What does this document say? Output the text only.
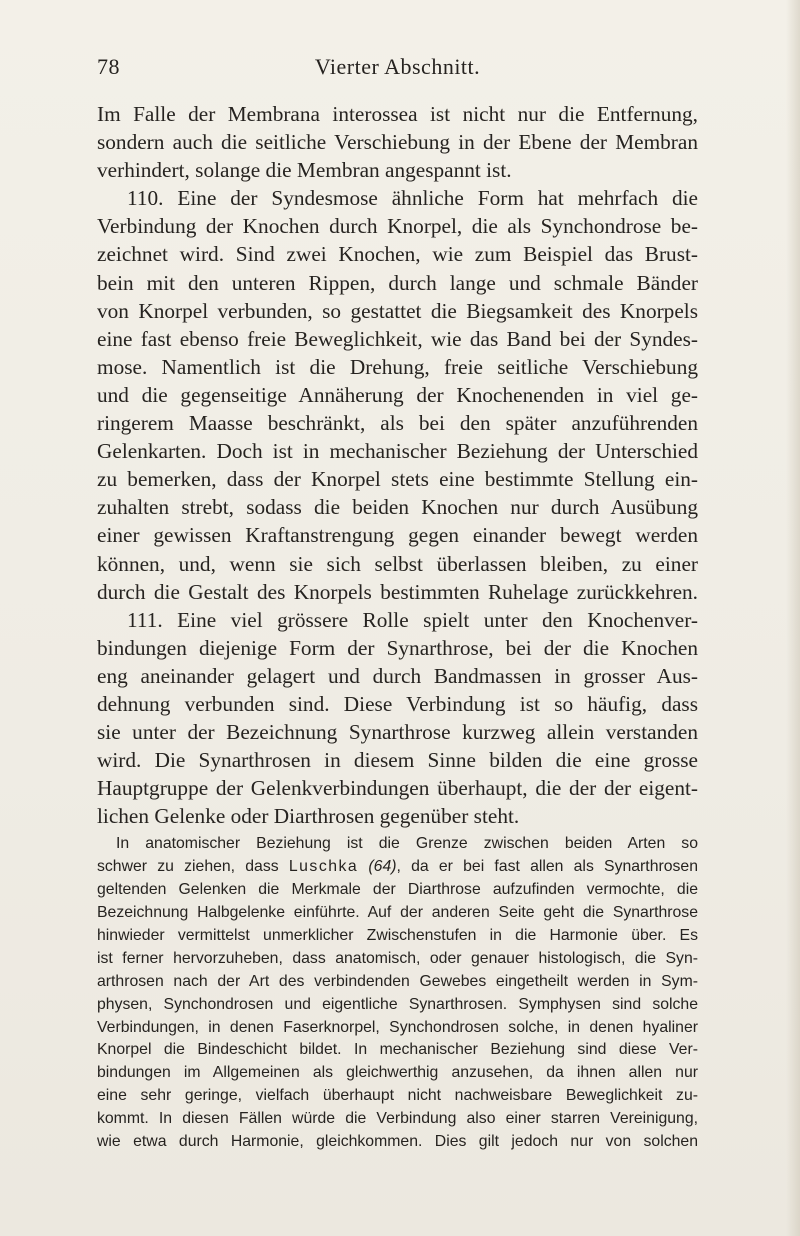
78	Vierter Abschnitt.
Im Falle der Membrana interossea ist nicht nur die Entfernung,
sondern auch die seitliche Verschiebung in der Ebene der Membran
verhindert, solange die Membran angespannt ist.
110. Eine der Syndesmose ähnliche Form hat mehrfach die
Verbindung der Knochen durch Knorpel, die als Synchondrose be-
zeichnet wird. Sind zwei Knochen, wie zum Beispiel das Brust-
bein mit den unteren Rippen, durch lange und schmale Bänder
von Knorpel verbunden, so gestattet die Biegsamkeit des Knorpels
eine fast ebenso freie Beweglichkeit, wie das Band bei der Syndes-
mose. Namentlich ist die Drehung, freie seitliche Verschiebung
und die gegenseitige Annäherung der Knochenenden in viel ge-
ringerem Maasse beschränkt, als bei den später anzuführenden
Gelenkarten. Doch ist in mechanischer Beziehung der Unterschied
zu bemerken, dass der Knorpel stets eine bestimmte Stellung ein-
zuhalten strebt, sodass die beiden Knochen nur durch Ausübung
einer gewissen Kraftanstrengung gegen einander bewegt werden
können, und, wenn sie sich selbst überlassen bleiben, zu einer
durch die Gestalt des Knorpels bestimmten Ruhelage zurückkehren.
111. Eine viel grössere Rolle spielt unter den Knochenver-
bindungen diejenige Form der Synarthrose, bei der die Knochen
eng aneinander gelagert und durch Bandmassen in grosser Aus-
dehnung verbunden sind. Diese Verbindung ist so häufig, dass
sie unter der Bezeichnung Synarthrose kurzweg allein verstanden
wird. Die Synarthrosen in diesem Sinne bilden die eine grosse
Hauptgruppe der Gelenkverbindungen überhaupt, die der der eigent-
lichen Gelenke oder Diarthrosen gegenüber steht.
In anatomischer Beziehung ist die Grenze zwischen beiden Arten so
schwer zu ziehen, dass Luschka (64), da er bei fast allen als Synarthrosen
geltenden Gelenken die Merkmale der Diarthrose aufzufinden vermochte, die
Bezeichnung Halbgelenke einführte. Auf der anderen Seite geht die Synarthrose
hinwieder vermittelst unmerklicher Zwischenstufen in die Harmonie über. Es
ist ferner hervorzuheben, dass anatomisch, oder genauer histologisch, die Syn-
arthrosen nach der Art des verbindenden Gewebes eingetheilt werden in Sym-
physen, Synchondrosen und eigentliche Synarthrosen. Symphysen sind solche
Verbindungen, in denen Faserknorpel, Synchondrosen solche, in denen hyaliner
Knorpel die Bindeschicht bildet. In mechanischer Beziehung sind diese Ver-
bindungen im Allgemeinen als gleichwerthig anzusehen, da ihnen allen nur
eine sehr geringe, vielfach überhaupt nicht nachweisbare Beweglichkeit zu-
kommt. In diesen Fällen würde die Verbindung also einer starren Vereinigung,
wie etwa durch Harmonie, gleichkommen. Dies gilt jedoch nur von solchen
